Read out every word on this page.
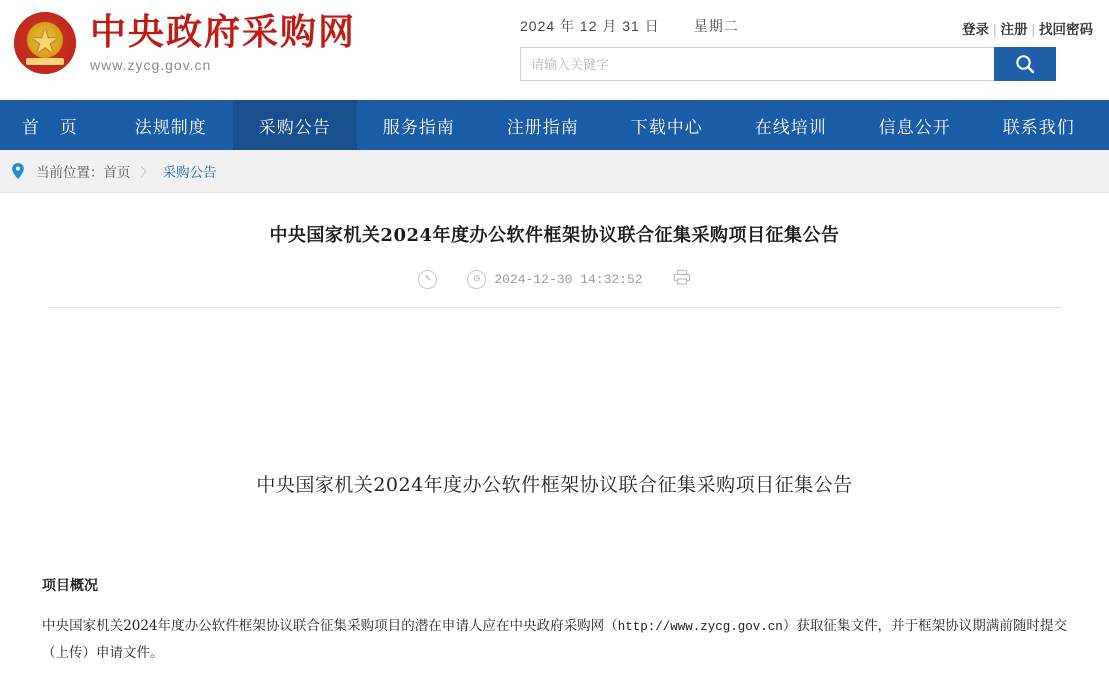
★
中央政府采购网
www.zycg.gov.cn
2024 年 12 月 31 日 星期二	登录 | 注册 | 找回密码
请输入关键字
首 页	法规制度	采购公告	服务指南	注册指南	下载中心	在线培训	信息公开	联系我们
当前位置： 首页 〉 采购公告
中央国家机关2024年度办公软件框架协议联合征集采购项目征集公告
✎	◷	2024-12-30 14:32:52
中央国家机关2024年度办公软件框架协议联合征集采购项目征集公告
项目概况
中央国家机关2024年度办公软件框架协议联合征集采购项目的潜在申请人应在中央政府采购网（http://www.zycg.gov.cn）获取征集文件，并于框架协议期满前随时提交（上传）申请文件。
